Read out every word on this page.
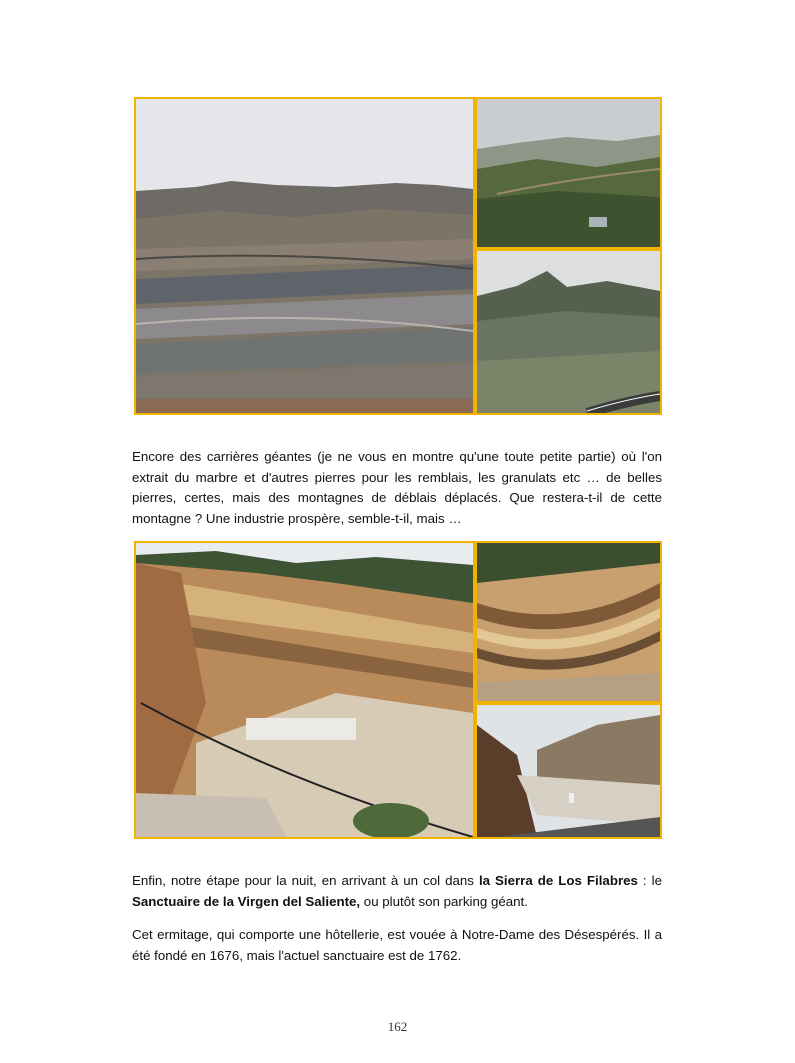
Encore des carrières géantes (je ne vous en montre qu'une toute petite partie) où l'on extrait du marbre et d'autres pierres pour les remblais, les granulats etc … de belles pierres, certes, mais des montagnes de déblais déplacés. Que restera-t-il de cette montagne ? Une industrie prospère, semble-t-il, mais …

Enfin, notre étape pour la nuit, en arrivant à un col dans la Sierra de Los Filabres : le Sanctuaire de la Virgen del Saliente, ou plutôt son parking géant.

Cet ermitage, qui comporte une hôtellerie, est vouée à Notre-Dame des Désespérés. Il a été fondé en 1676, mais l'actuel sanctuaire est de 1762.

162
